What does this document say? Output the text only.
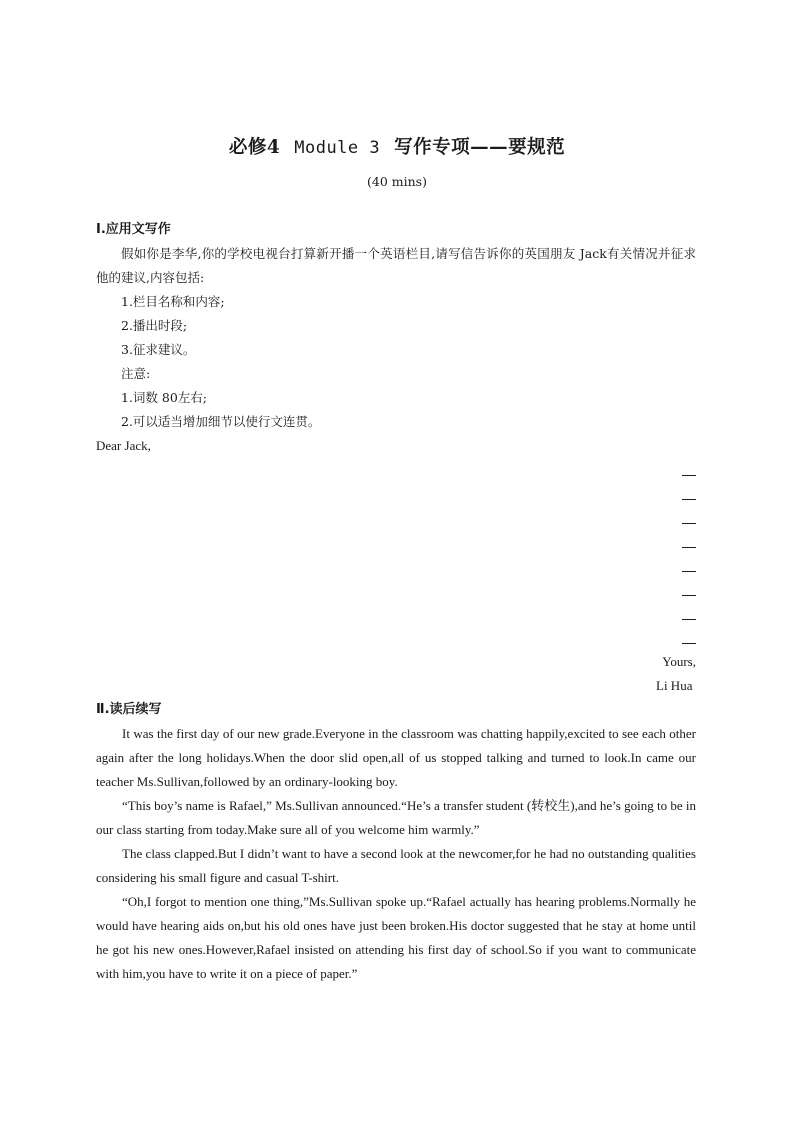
必修4 Module 3 写作专项——要规范
(40 mins)
Ⅰ.应用文写作
假如你是李华,你的学校电视台打算新开播一个英语栏目,请写信告诉你的英国朋友 Jack有关情况并征求他的建议,内容包括:
1.栏目名称和内容;
2.播出时段;
3.征求建议。
注意:
1.词数 80左右;
2.可以适当增加细节以使行文连贯。
Dear Jack,
Yours,
Li Hua
Ⅱ.读后续写
It was the first day of our new grade.Everyone in the classroom was chatting happily,excited to see each other again after the long holidays.When the door slid open,all of us stopped talking and turned to look.In came our teacher Ms.Sullivan,followed by an ordinary-looking boy.
“This boy’s name is Rafael,” Ms.Sullivan announced.“He’s a transfer student (转校生),and he’s going to be in our class starting from today.Make sure all of you welcome him warmly.”
The class clapped.But I didn’t want to have a second look at the newcomer,for he had no outstanding qualities considering his small figure and casual T-shirt.
“Oh,I forgot to mention one thing,”Ms.Sullivan spoke up.“Rafael actually has hearing problems.Normally he would have hearing aids on,but his old ones have just been broken.His doctor suggested that he stay at home until he got his new ones.However,Rafael insisted on attending his first day of school.So if you want to communicate with him,you have to write it on a piece of paper.”
